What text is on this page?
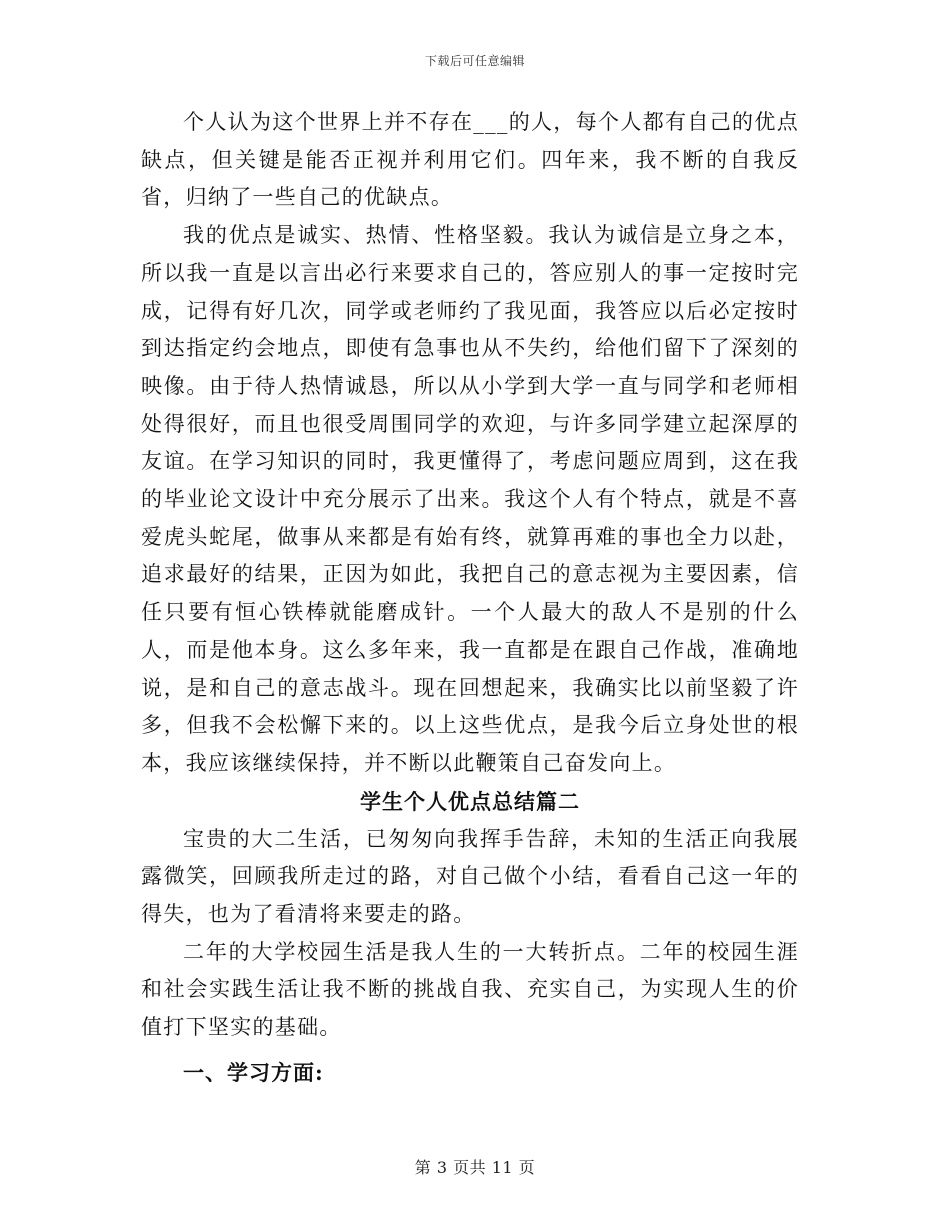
下载后可任意编辑

个人认为这个世界上并不存在___的人，每个人都有自己的优点缺点，但关键是能否正视并利用它们。四年来，我不断的自我反省，归纳了一些自己的优缺点。

我的优点是诚实、热情、性格坚毅。我认为诚信是立身之本，所以我一直是以言出必行来要求自己的，答应别人的事一定按时完成，记得有好几次，同学或老师约了我见面，我答应以后必定按时到达指定约会地点，即使有急事也从不失约，给他们留下了深刻的映像。由于待人热情诚恳，所以从小学到大学一直与同学和老师相处得很好，而且也很受周围同学的欢迎，与许多同学建立起深厚的友谊。在学习知识的同时，我更懂得了，考虑问题应周到，这在我的毕业论文设计中充分展示了出来。我这个人有个特点，就是不喜爱虎头蛇尾，做事从来都是有始有终，就算再难的事也全力以赴，追求最好的结果，正因为如此，我把自己的意志视为主要因素，信任只要有恒心铁棒就能磨成针。一个人最大的敌人不是别的什么人，而是他本身。这么多年来，我一直都是在跟自己作战，准确地说，是和自己的意志战斗。现在回想起来，我确实比以前坚毅了许多，但我不会松懈下来的。以上这些优点，是我今后立身处世的根本，我应该继续保持，并不断以此鞭策自己奋发向上。

学生个人优点总结篇二

宝贵的大二生活，已匆匆向我挥手告辞，未知的生活正向我展露微笑，回顾我所走过的路，对自己做个小结，看看自己这一年的得失，也为了看清将来要走的路。

二年的大学校园生活是我人生的一大转折点。二年的校园生涯和社会实践生活让我不断的挑战自我、充实自己，为实现人生的价值打下坚实的基础。

一、学习方面:
第 3 页共 11 页
